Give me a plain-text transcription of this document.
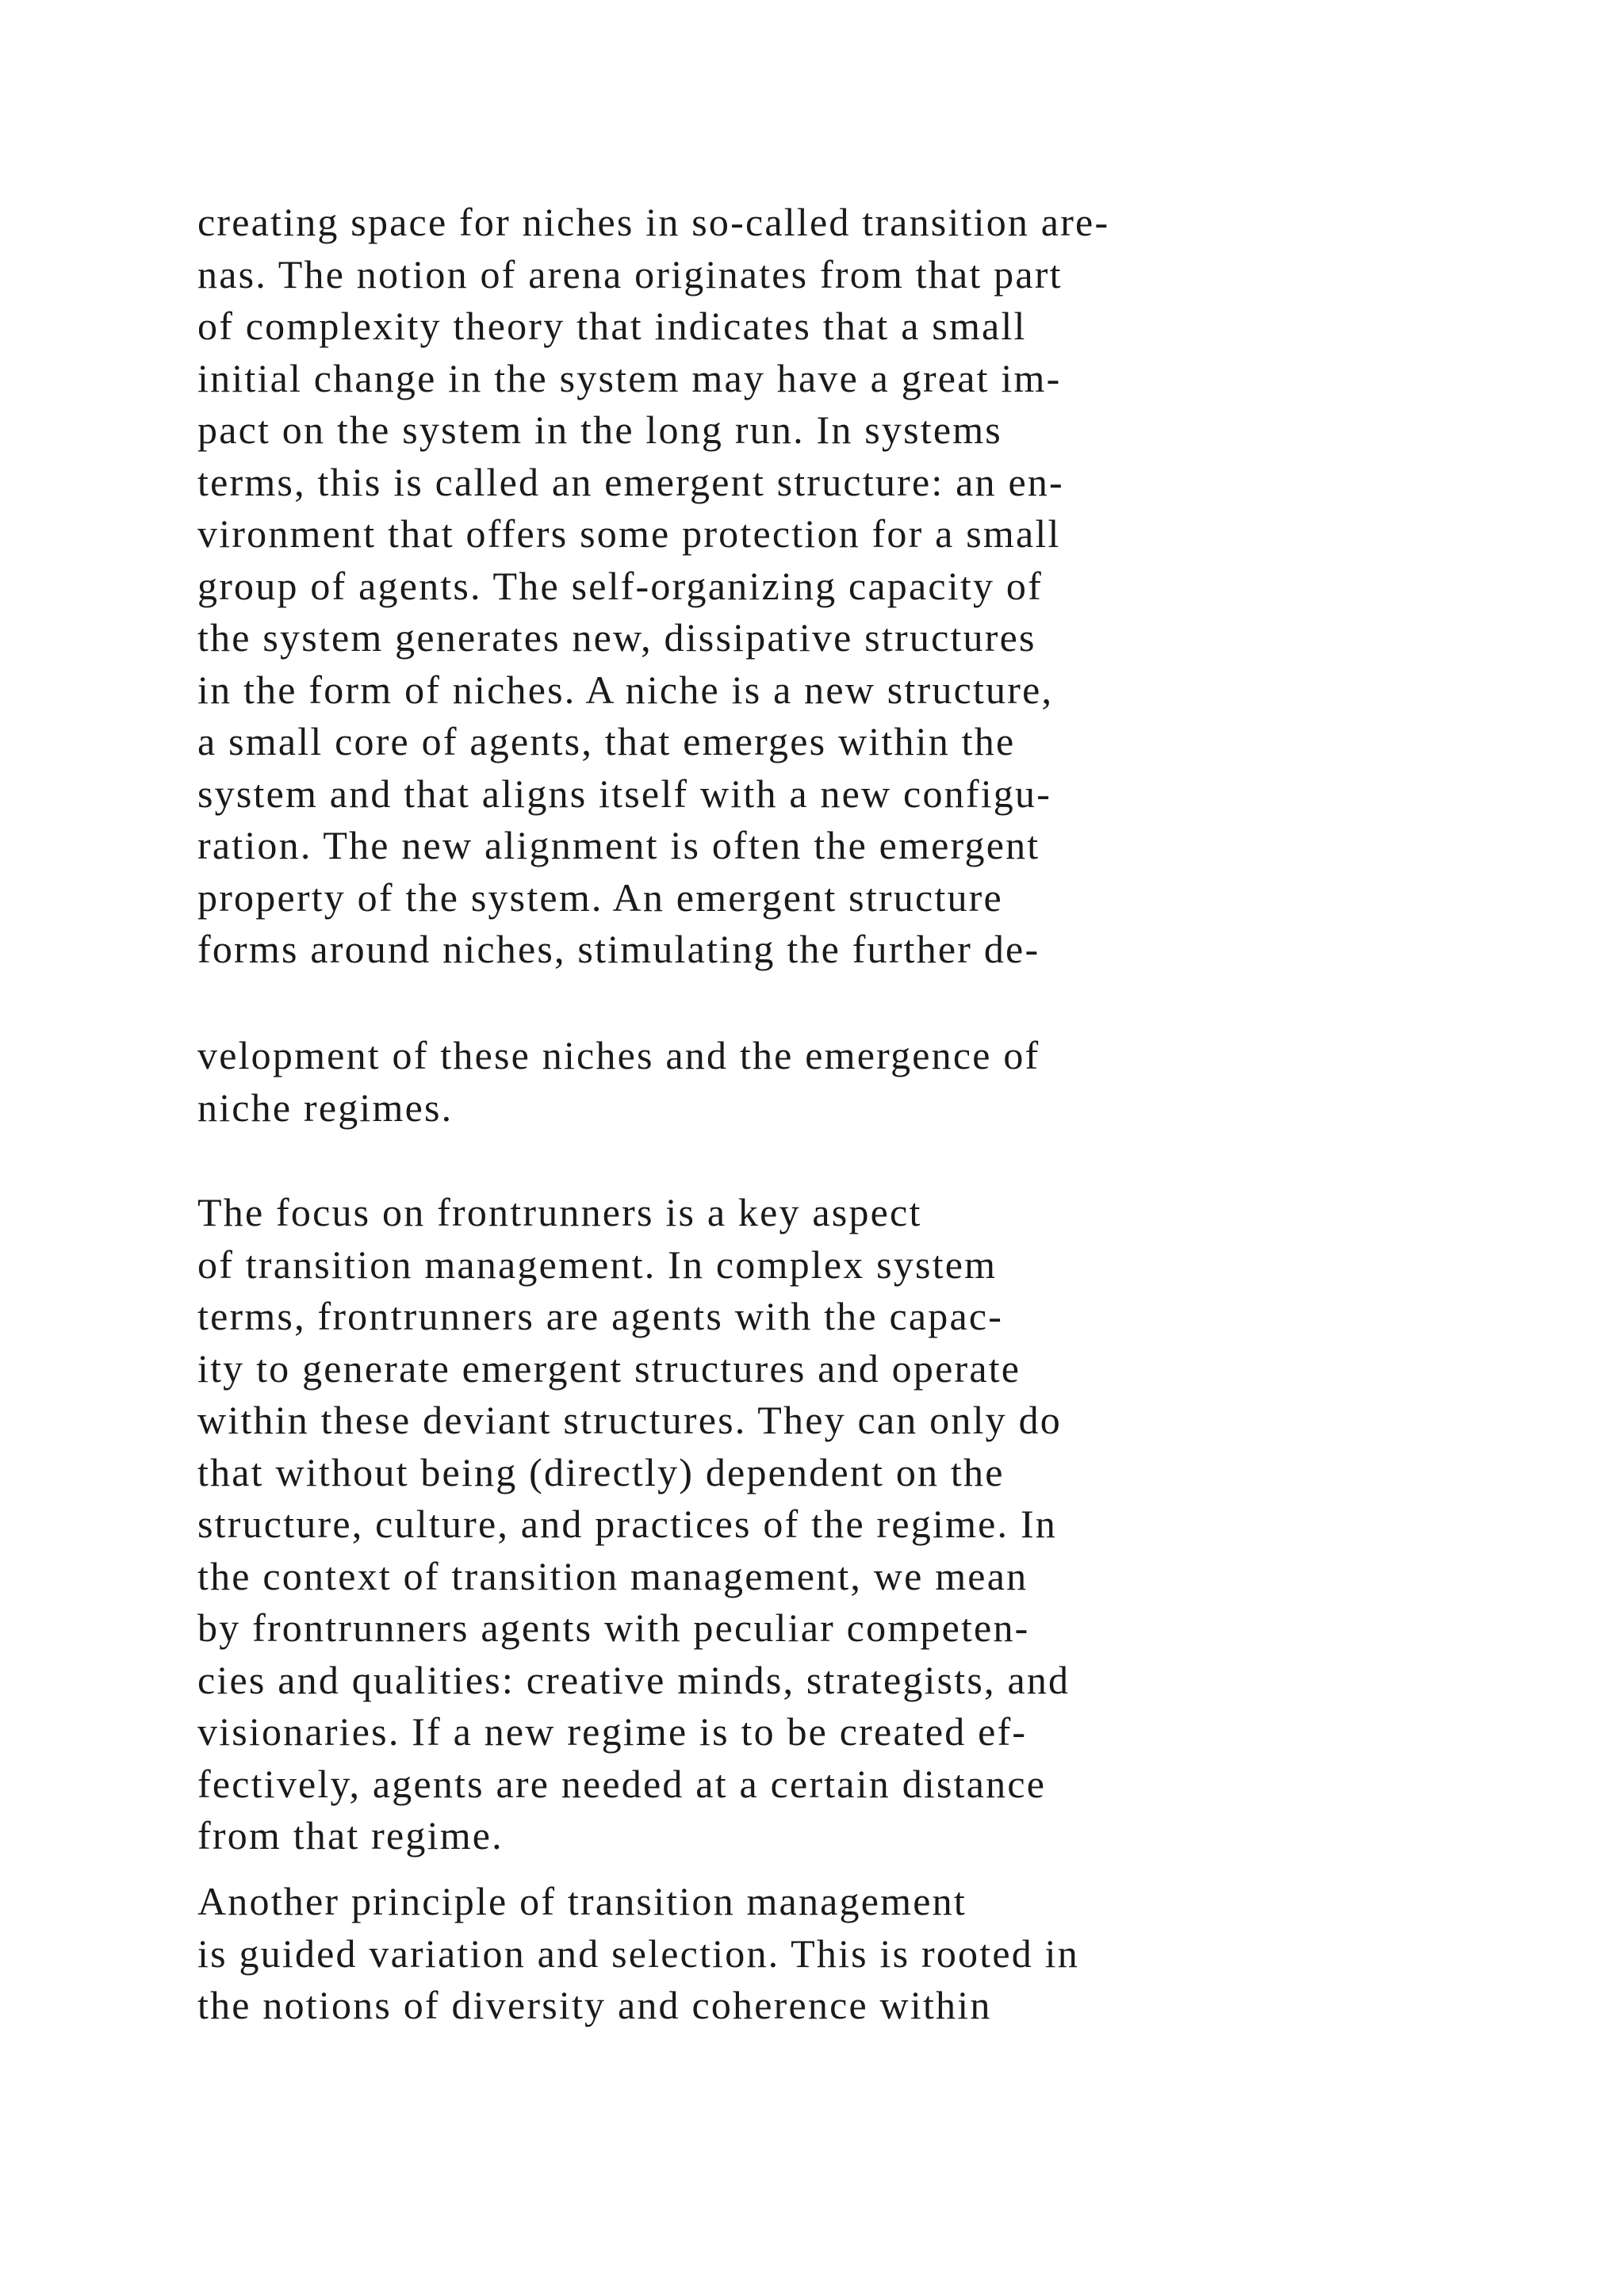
creating space for niches in so-called transition are-
nas. The notion of arena originates from that part
of complexity theory that indicates that a small
initial change in the system may have a great im-
pact on the system in the long run. In systems
terms, this is called an emergent structure: an en-
vironment that offers some protection for a small
group of agents. The self-organizing capacity of
the system generates new, dissipative structures
in the form of niches. A niche is a new structure,
a small core of agents, that emerges within the
system and that aligns itself with a new configu-
ration. The new alignment is often the emergent
property of the system. An emergent structure
forms around niches, stimulating the further de-
velopment of these niches and the emergence of
niche regimes.
The focus on frontrunners is a key aspect
of transition management. In complex system
terms, frontrunners are agents with the capac-
ity to generate emergent structures and operate
within these deviant structures. They can only do
that without being (directly) dependent on the
structure, culture, and practices of the regime. In
the context of transition management, we mean
by frontrunners agents with peculiar competen-
cies and qualities: creative minds, strategists, and
visionaries. If a new regime is to be created ef-
fectively, agents are needed at a certain distance
from that regime.
Another principle of transition management
is guided variation and selection. This is rooted in
the notions of diversity and coherence within
